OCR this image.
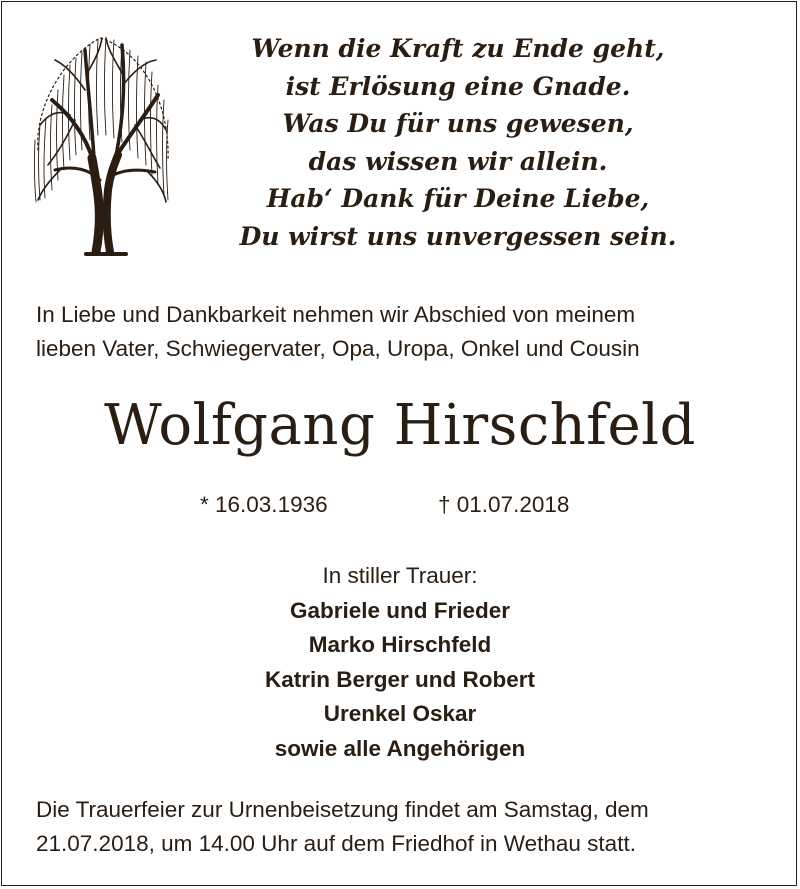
Wenn die Kraft zu Ende geht,
ist Erlösung eine Gnade.
Was Du für uns gewesen,
das wissen wir allein.
Hab‘ Dank für Deine Liebe,
Du wirst uns unvergessen sein.
In Liebe und Dankbarkeit nehmen wir Abschied von meinem
lieben Vater, Schwiegervater, Opa, Uropa, Onkel und Cousin
Wolfgang Hirschfeld
* 16.03.1936	† 01.07.2018
In stiller Trauer:
Gabriele und Frieder
Marko Hirschfeld
Katrin Berger und Robert
Urenkel Oskar
sowie alle Angehörigen
Die Trauerfeier zur Urnenbeisetzung findet am Samstag, dem
21.07.2018, um 14.00 Uhr auf dem Friedhof in Wethau statt.
